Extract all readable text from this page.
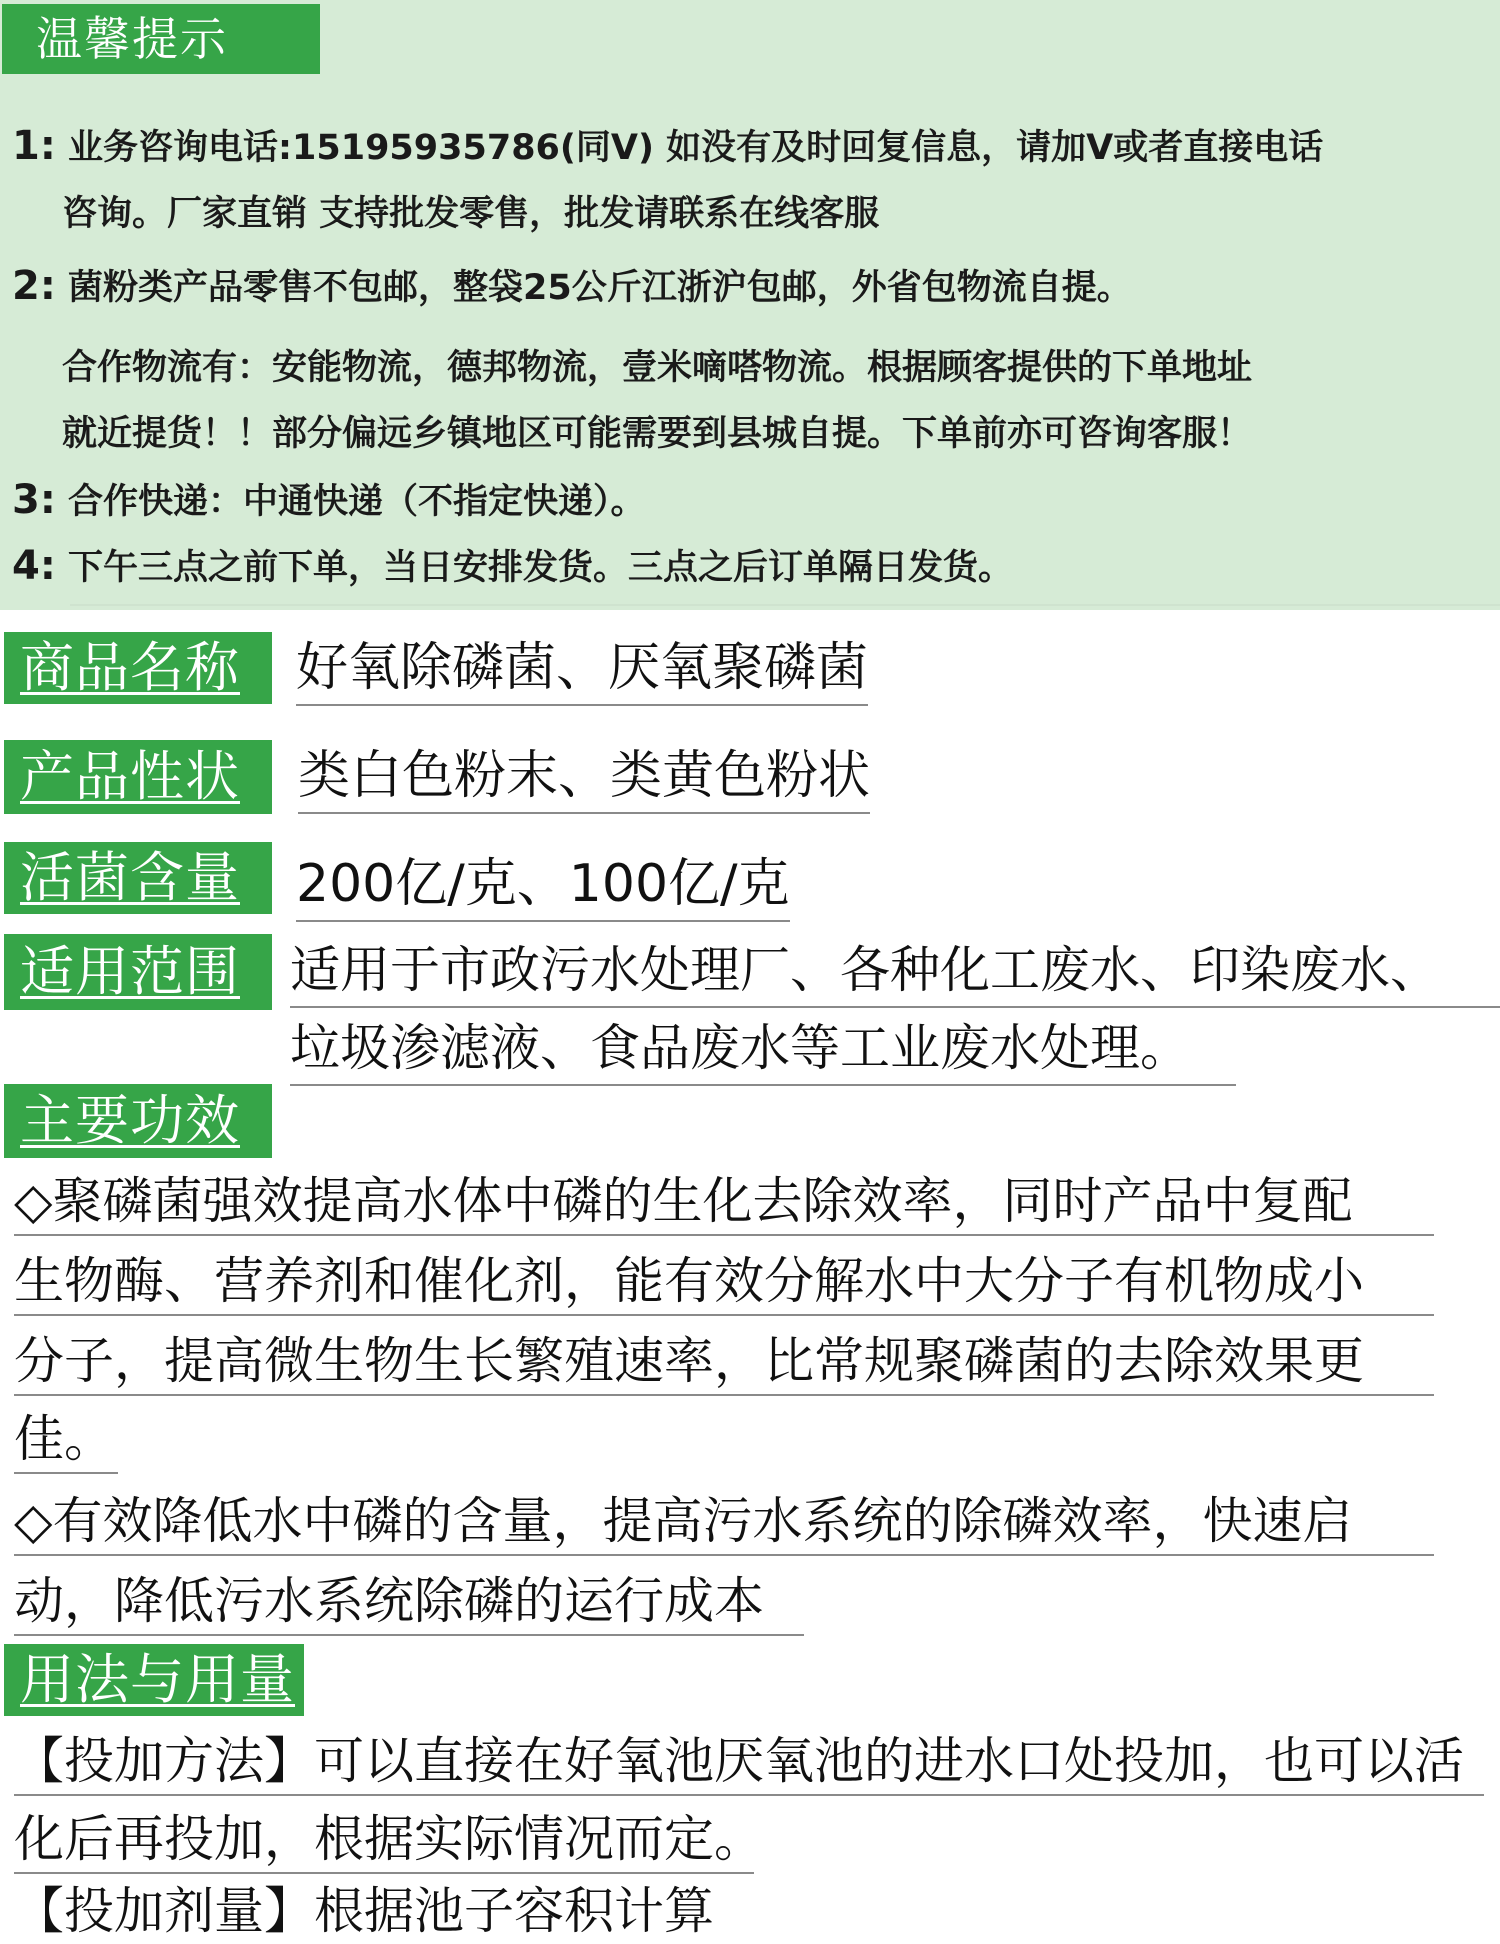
温馨提示
1: 业务咨询电话:15195935786(同V) 如没有及时回复信息，请加V或者直接电话
咨询。厂家直销 支持批发零售，批发请联系在线客服
2: 菌粉类产品零售不包邮，整袋25公斤江浙沪包邮，外省包物流自提。
合作物流有：安能物流，德邦物流，壹米嘀嗒物流。根据顾客提供的下单地址
就近提货！！部分偏远乡镇地区可能需要到县城自提。下单前亦可咨询客服！
3: 合作快递：中通快递（不指定快递）。
4: 下午三点之前下单，当日安排发货。三点之后订单隔日发货。
商品名称	好氧除磷菌、厌氧聚磷菌
产品性状	类白色粉末、类黄色粉状
活菌含量	200亿/克、100亿/克
适用范围	适用于市政污水处理厂、各种化工废水、印染废水、
垃圾渗滤液、食品废水等工业废水处理。
主要功效
◇聚磷菌强效提高水体中磷的生化去除效率，同时产品中复配
生物酶、营养剂和催化剂，能有效分解水中大分子有机物成小
分子，提高微生物生长繁殖速率，比常规聚磷菌的去除效果更
佳。
◇有效降低水中磷的含量，提高污水系统的除磷效率，快速启
动，降低污水系统除磷的运行成本
用法与用量
【投加方法】可以直接在好氧池厌氧池的进水口处投加，也可以活
化后再投加，根据实际情况而定。
【投加剂量】根据池子容积计算
